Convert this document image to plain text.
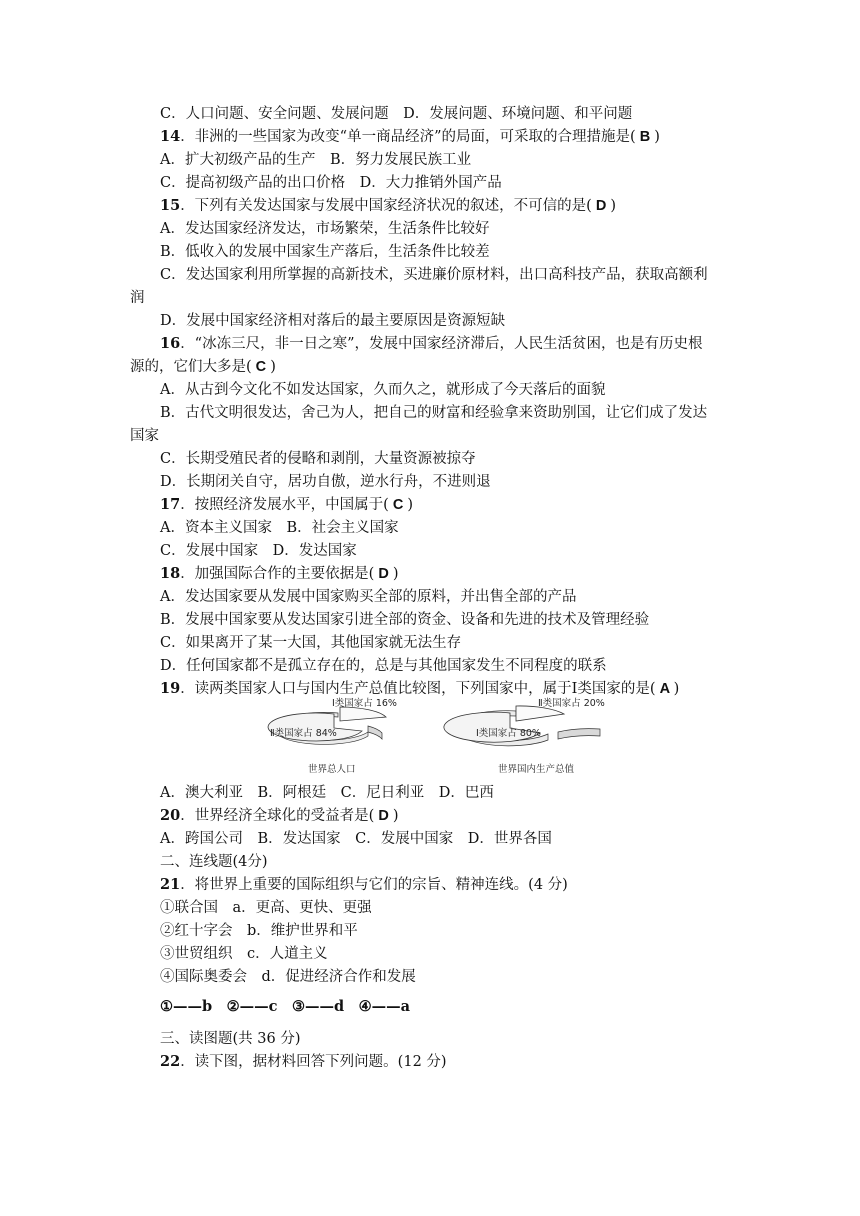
C．人口问题、安全问题、发展问题　D．发展问题、环境问题、和平问题
14．非洲的一些国家为改变“单一商品经济”的局面，可采取的合理措施是( B )
A．扩大初级产品的生产　B．努力发展民族工业
C．提高初级产品的出口价格　D．大力推销外国产品
15．下列有关发达国家与发展中国家经济状况的叙述，不可信的是( D )
A．发达国家经济发达，市场繁荣，生活条件比较好
B．低收入的发展中国家生产落后，生活条件比较差
C．发达国家利用所掌握的高新技术，买进廉价原材料，出口高科技产品，获取高额利
润
D．发展中国家经济相对落后的最主要原因是资源短缺
16．“冰冻三尺，非一日之寒”，发展中国家经济滞后，人民生活贫困，也是有历史根
源的，它们大多是( C )
A．从古到今文化不如发达国家，久而久之，就形成了今天落后的面貌
B．古代文明很发达，舍己为人，把自己的财富和经验拿来资助别国，让它们成了发达
国家
C．长期受殖民者的侵略和剥削，大量资源被掠夺
D．长期闭关自守，居功自傲，逆水行舟，不进则退
17．按照经济发展水平，中国属于( C )
A．资本主义国家　B．社会主义国家
C．发展中国家　D．发达国家
18．加强国际合作的主要依据是( D )
A．发达国家要从发展中国家购买全部的原料，并出售全部的产品
B．发展中国家要从发达国家引进全部的资金、设备和先进的技术及管理经验
C．如果离开了某一大国，其他国家就无法生存
D．任何国家都不是孤立存在的，总是与其他国家发生不同程度的联系
19．读两类国家人口与国内生产总值比较图，下列国家中，属于Ⅰ类国家的是( A )
Ⅰ类国家占 16%
Ⅱ类国家占 84%
世界总人口
Ⅱ类国家占 20%
Ⅰ类国家占 80%
世界国内生产总值
A．澳大利亚　B．阿根廷　C．尼日利亚　D．巴西
20．世界经济全球化的受益者是( D )
A．跨国公司　B．发达国家　C．发展中国家　D．世界各国
二、连线题(4分)
21．将世界上重要的国际组织与它们的宗旨、精神连线。(4 分)
①联合国　a．更高、更快、更强
②红十字会　b．维护世界和平
③世贸组织　c．人道主义
④国际奥委会　d．促进经济合作和发展
①——b　②——c　③——d　④——a
三、读图题(共 36 分)
22．读下图，据材料回答下列问题。(12 分)
